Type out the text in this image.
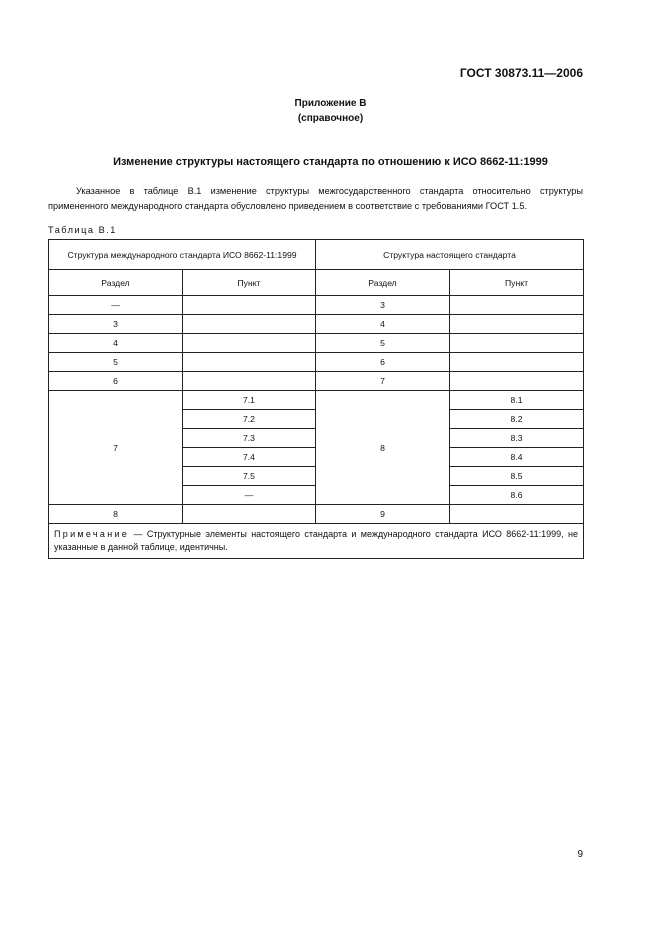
ГОСТ 30873.11—2006
Приложение В
(справочное)
Изменение структуры настоящего стандарта по отношению к ИСО 8662-11:1999
Указанное в таблице В.1 изменение структуры межгосударственного стандарта относительно структуры примененного международного стандарта обусловлено приведением в соответствие с требованиями ГОСТ 1.5.
Таблица В.1
Структура международного стандарта ИСО 8662-11:1999		Структура настоящего стандарта	
Раздел	Пункт	Раздел	Пункт
—		3	
3		4	
4		5	
5		6	
6		7	
7	7.1	8	8.1
	7.2		8.2
	7.3		8.3
	7.4		8.4
	7.5		8.5
	—		8.6
8		9	
Примечание — Структурные элементы настоящего стандарта и международного стандарта ИСО 8662-11:1999, не указанные в данной таблице, идентичны.			
9
